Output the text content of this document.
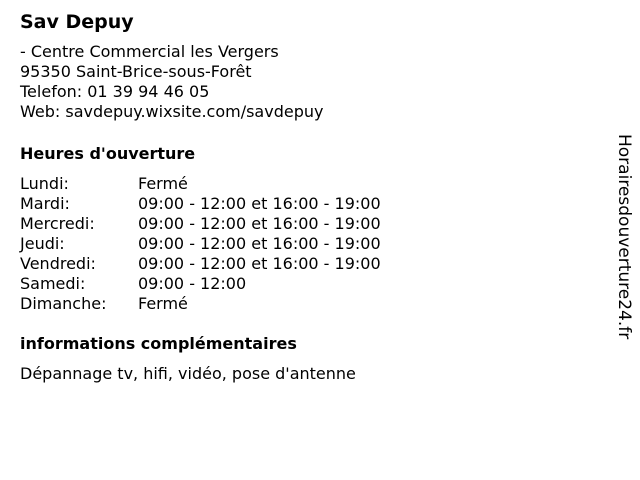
Sav Depuy
- Centre Commercial les Vergers
95350 Saint-Brice-sous-Forêt
Telefon: 01 39 94 46 05
Web: savdepuy.wixsite.com/savdepuy
Heures d'ouverture
Lundi:	Fermé
Mardi:	09:00 - 12:00 et 16:00 - 19:00
Mercredi:	09:00 - 12:00 et 16:00 - 19:00
Jeudi:	09:00 - 12:00 et 16:00 - 19:00
Vendredi:	09:00 - 12:00 et 16:00 - 19:00
Samedi:	09:00 - 12:00
Dimanche:	Fermé
informations complémentaires
Dépannage tv, hifi, vidéo, pose d'antenne
Horairesdouverture24.fr
